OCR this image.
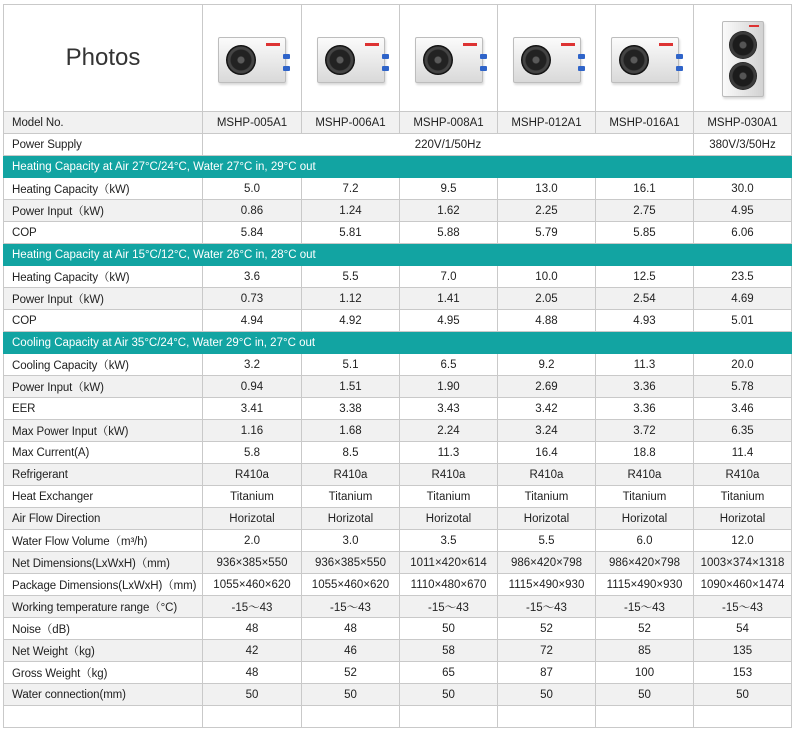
Photos	

Model No.	MSHP-005A1	MSHP-006A1	MSHP-008A1	MSHP-012A1	MSHP-016A1	MSHP-030A1
Power Supply	220V/1/50Hz					380V/3/50Hz
Heating Capacity at Air 27°C/24°C, Water 27°C in, 29°C out						
Heating Capacity（kW)	5.0	7.2	9.5	13.0	16.1	30.0
Power Input（kW)	0.86	1.24	1.62	2.25	2.75	4.95
COP	5.84	5.81	5.88	5.79	5.85	6.06
Heating Capacity at Air 15°C/12°C, Water 26°C in, 28°C out						
Heating Capacity（kW)	3.6	5.5	7.0	10.0	12.5	23.5
Power Input（kW)	0.73	1.12	1.41	2.05	2.54	4.69
COP	4.94	4.92	4.95	4.88	4.93	5.01
Cooling Capacity at Air 35°C/24°C, Water 29°C in, 27°C out						
Cooling Capacity（kW)	3.2	5.1	6.5	9.2	11.3	20.0
Power Input（kW)	0.94	1.51	1.90	2.69	3.36	5.78
EER	3.41	3.38	3.43	3.42	3.36	3.46
Max Power Input（kW)	1.16	1.68	2.24	3.24	3.72	6.35
Max Current(A)	5.8	8.5	11.3	16.4	18.8	11.4
Refrigerant	R410a	R410a	R410a	R410a	R410a	R410a
Heat Exchanger	Titanium	Titanium	Titanium	Titanium	Titanium	Titanium
Air Flow Direction	Horizotal	Horizotal	Horizotal	Horizotal	Horizotal	Horizotal
Water Flow Volume（m³/h)	2.0	3.0	3.5	5.5	6.0	12.0
Net Dimensions(LxWxH)（mm)	936×385×550	936×385×550	1011×420×614	986×420×798	986×420×798	1003×374×1318
Package Dimensions(LxWxH)（mm)	1055×460×620	1055×460×620	1110×480×670	1115×490×930	1115×490×930	1090×460×1474
Working temperature range（°C)	-15～43	-15～43	-15～43	-15～43	-15～43	-15～43
Noise（dB)	48	48	50	52	52	54
Net Weight（kg)	42	46	58	72	85	135
Gross Weight（kg)	48	52	65	87	100	153
Water connection(mm)	50	50	50	50	50	50
